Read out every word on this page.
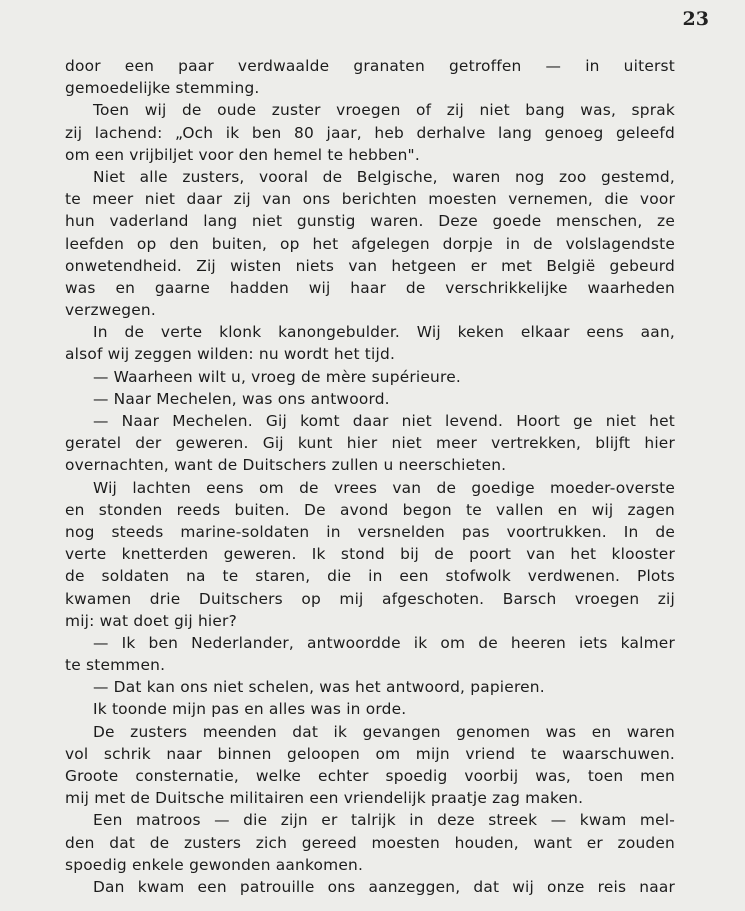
23
door een paar verdwaalde granaten getroffen — in uiterst
gemoedelijke stemming.
Toen wij de oude zuster vroegen of zij niet bang was, sprak
zij lachend: „Och ik ben 80 jaar, heb derhalve lang genoeg geleefd
om een vrijbiljet voor den hemel te hebben".
Niet alle zusters, vooral de Belgische, waren nog zoo gestemd,
te meer niet daar zij van ons berichten moesten vernemen, die voor
hun vaderland lang niet gunstig waren. Deze goede menschen, ze
leefden op den buiten, op het afgelegen dorpje in de volslagendste
onwetendheid. Zij wisten niets van hetgeen er met België gebeurd
was en gaarne hadden wij haar de verschrikkelijke waarheden
verzwegen.
In de verte klonk kanongebulder. Wij keken elkaar eens aan,
alsof wij zeggen wilden: nu wordt het tijd.
— Waarheen wilt u, vroeg de mère supérieure.
— Naar Mechelen, was ons antwoord.
— Naar Mechelen. Gij komt daar niet levend. Hoort ge niet het
geratel der geweren. Gij kunt hier niet meer vertrekken, blijft hier
overnachten, want de Duitschers zullen u neerschieten.
Wij lachten eens om de vrees van de goedige moeder-overste
en stonden reeds buiten. De avond begon te vallen en wij zagen
nog steeds marine-soldaten in versnelden pas voortrukken. In de
verte knetterden geweren. Ik stond bij de poort van het klooster
de soldaten na te staren, die in een stofwolk verdwenen. Plots
kwamen drie Duitschers op mij afgeschoten. Barsch vroegen zij
mij: wat doet gij hier?
— Ik ben Nederlander, antwoordde ik om de heeren iets kalmer
te stemmen.
— Dat kan ons niet schelen, was het antwoord, papieren.
Ik toonde mijn pas en alles was in orde.
De zusters meenden dat ik gevangen genomen was en waren
vol schrik naar binnen geloopen om mijn vriend te waarschuwen.
Groote consternatie, welke echter spoedig voorbij was, toen men
mij met de Duitsche militairen een vriendelijk praatje zag maken.
Een matroos — die zijn er talrijk in deze streek — kwam mel-
den dat de zusters zich gereed moesten houden, want er zouden
spoedig enkele gewonden aankomen.
Dan kwam een patrouille ons aanzeggen, dat wij onze reis naar
